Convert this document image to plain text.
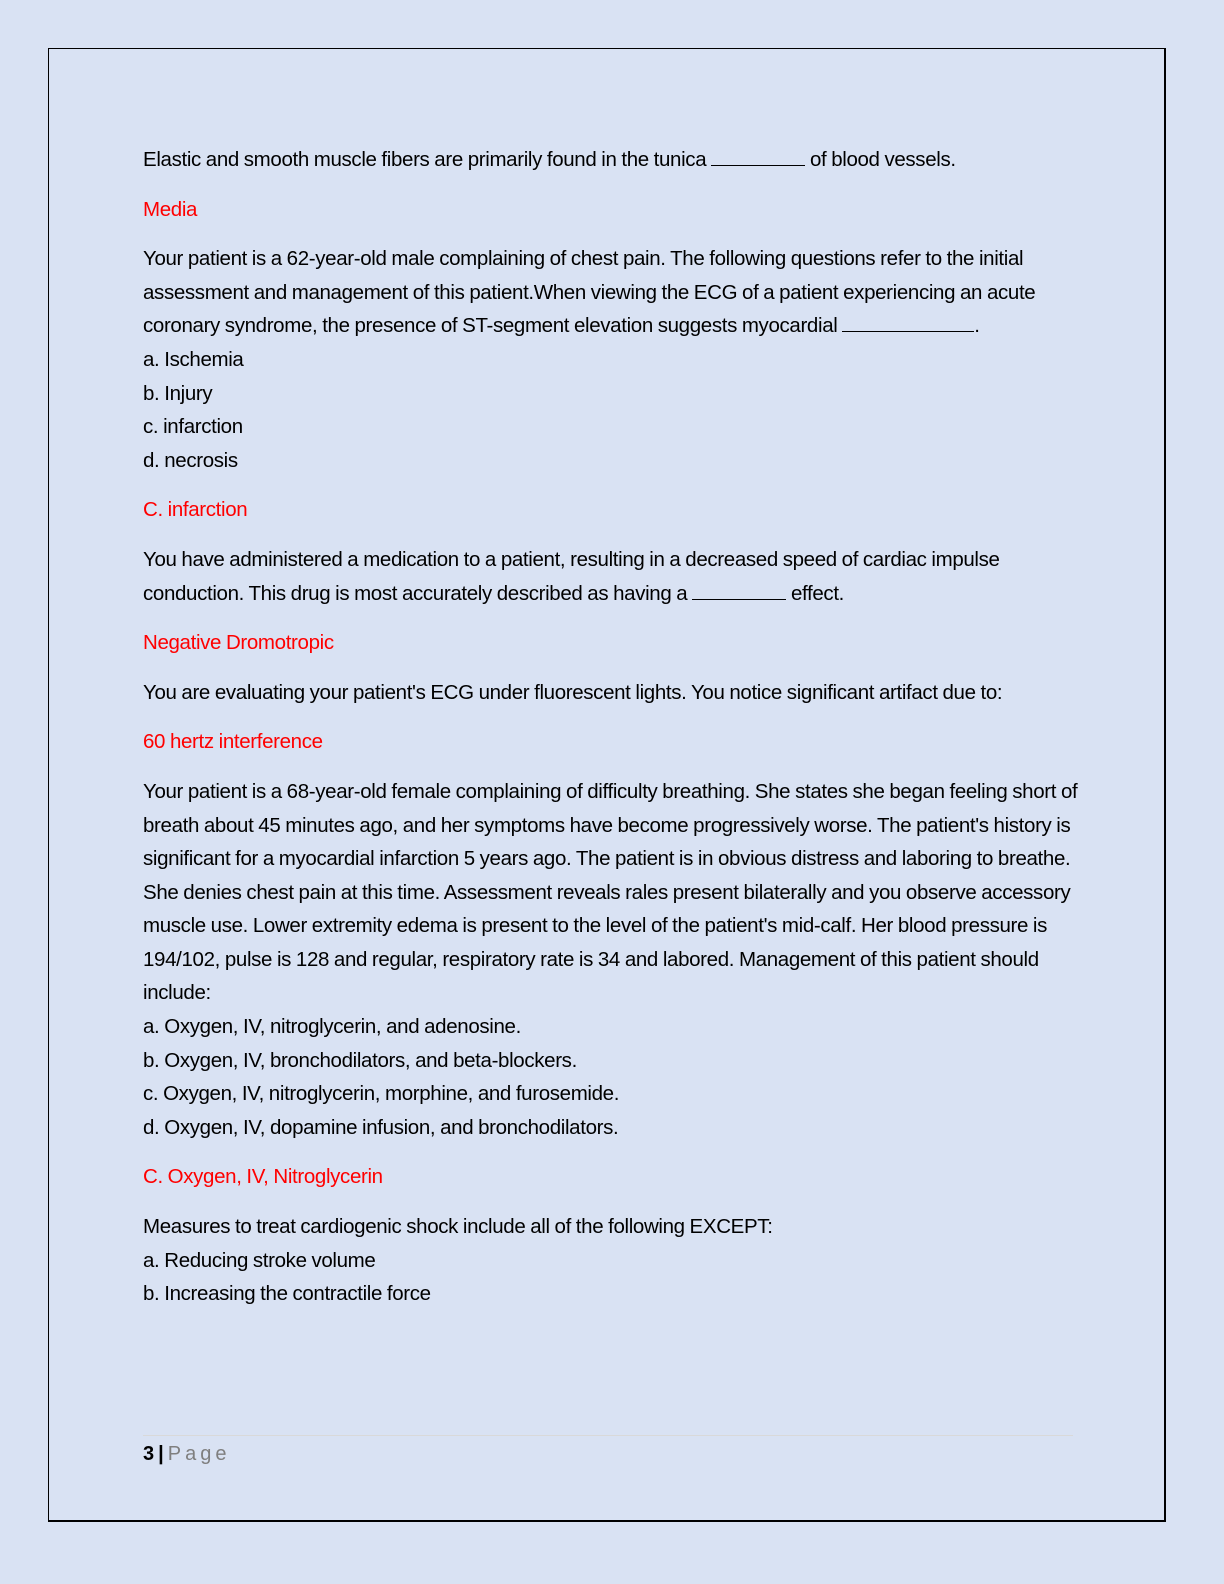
Elastic and smooth muscle fibers are primarily found in the tunica	of blood vessels.

Media

Your patient is a 62-year-old male complaining of chest pain. The following questions refer to the initial assessment and management of this patient.When viewing the ECG of a patient experiencing an acute coronary syndrome, the presence of ST-segment elevation suggests myocardial	.

a. Ischemia

b. Injury

c. infarction

d. necrosis

C. infarction

You have administered a medication to a patient, resulting in a decreased speed of cardiac impulse conduction. This drug is most accurately described as having a	effect.

Negative Dromotropic

You are evaluating your patient's ECG under fluorescent lights. You notice significant artifact due to:

60 hertz interference

Your patient is a 68-year-old female complaining of difficulty breathing. She states she began feeling short of breath about 45 minutes ago, and her symptoms have become progressively worse. The patient's history is significant for a myocardial infarction 5 years ago. The patient is in obvious distress and laboring to breathe. She denies chest pain at this time. Assessment reveals rales present bilaterally and you observe accessory muscle use. Lower extremity edema is present to the level of the patient's mid-calf. Her blood pressure is 194/102, pulse is 128 and regular, respiratory rate is 34 and labored. Management of this patient should include:

a. Oxygen, IV, nitroglycerin, and adenosine.

b. Oxygen, IV, bronchodilators, and beta-blockers.

c. Oxygen, IV, nitroglycerin, morphine, and furosemide.

d. Oxygen, IV, dopamine infusion, and bronchodilators.

C. Oxygen, IV, Nitroglycerin

Measures to treat cardiogenic shock include all of the following EXCEPT:

a. Reducing stroke volume

b. Increasing the contractile force

3 | Page
